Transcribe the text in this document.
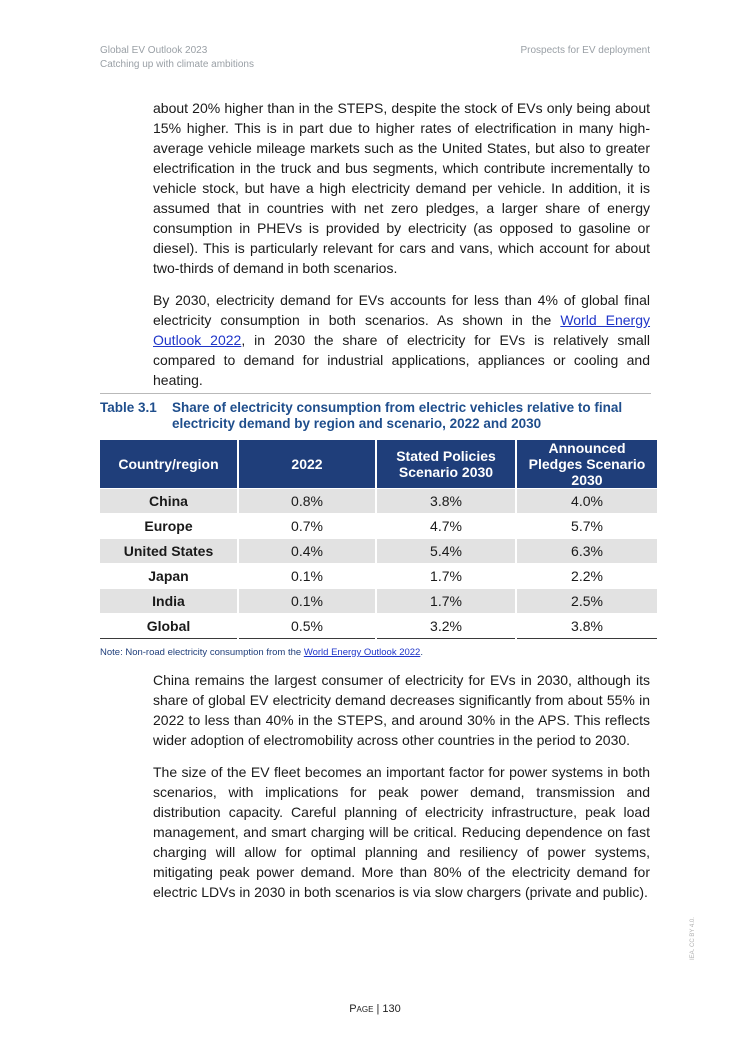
Global EV Outlook 2023
Catching up with climate ambitions
Prospects for EV deployment

about 20% higher than in the STEPS, despite the stock of EVs only being about 15% higher. This is in part due to higher rates of electrification in many high-average vehicle mileage markets such as the United States, but also to greater electrification in the truck and bus segments, which contribute incrementally to vehicle stock, but have a high electricity demand per vehicle. In addition, it is assumed that in countries with net zero pledges, a larger share of energy consumption in PHEVs is provided by electricity (as opposed to gasoline or diesel). This is particularly relevant for cars and vans, which account for about two-thirds of demand in both scenarios.

By 2030, electricity demand for EVs accounts for less than 4% of global final electricity consumption in both scenarios. As shown in the World Energy Outlook 2022, in 2030 the share of electricity for EVs is relatively small compared to demand for industrial applications, appliances or cooling and heating.

Table 3.1 Share of electricity consumption from electric vehicles relative to final electricity demand by region and scenario, 2022 and 2030
Country/region	2022	Stated Policies Scenario 2030	Announced Pledges Scenario 2030
China	0.8%	3.8%	4.0%
Europe	0.7%	4.7%	5.7%
United States	0.4%	5.4%	6.3%
Japan	0.1%	1.7%	2.2%
India	0.1%	1.7%	2.5%
Global	0.5%	3.2%	3.8%
Note: Non-road electricity consumption from the World Energy Outlook 2022.

China remains the largest consumer of electricity for EVs in 2030, although its share of global EV electricity demand decreases significantly from about 55% in 2022 to less than 40% in the STEPS, and around 30% in the APS. This reflects wider adoption of electromobility across other countries in the period to 2030.

The size of the EV fleet becomes an important factor for power systems in both scenarios, with implications for peak power demand, transmission and distribution capacity. Careful planning of electricity infrastructure, peak load management, and smart charging will be critical. Reducing dependence on fast charging will allow for optimal planning and resiliency of power systems, mitigating peak power demand. More than 80% of the electricity demand for electric LDVs in 2030 in both scenarios is via slow chargers (private and public).

Page | 130
IEA. CC BY 4.0.
